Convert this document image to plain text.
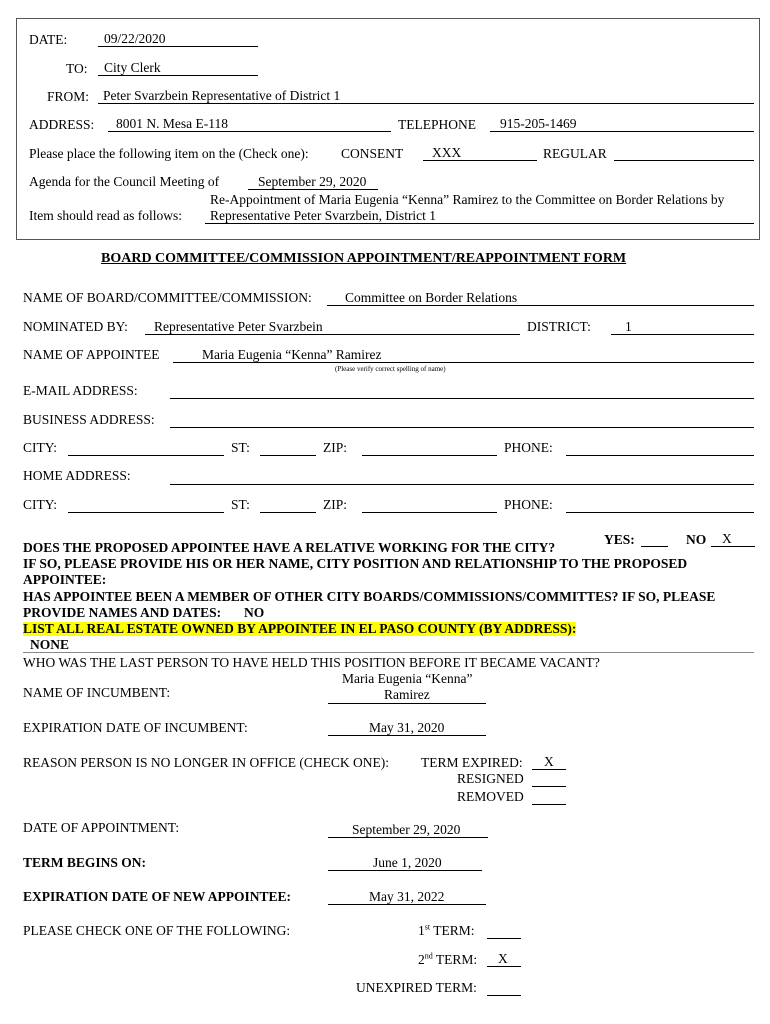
DATE:	09/22/2020
TO: City Clerk
FROM: Peter Svarzbein Representative of District 1
ADDRESS: 8001 N. Mesa E-118	TELEPHONE 915-205-1469
Please place the following item on the (Check one): CONSENT XXX	REGULAR
Agenda for the Council Meeting of	September 29, 2020
Re-Appointment of Maria Eugenia “Kenna” Ramirez to the Committee on Border Relations by
Item should read as follows: Representative Peter Svarzbein, District 1
BOARD COMMITTEE/COMMISSION APPOINTMENT/REAPPOINTMENT FORM
NAME OF BOARD/COMMITTEE/COMMISSION: Committee on Border Relations
NOMINATED BY: Representative Peter Svarzbein	DISTRICT:	1
NAME OF APPOINTEE	Maria Eugenia “Kenna” Ramirez
(Please verify correct spelling of name)
E-MAIL ADDRESS:
BUSINESS ADDRESS:
CITY:	ST:	ZIP:	PHONE:
HOME ADDRESS:
CITY:	ST:	ZIP:	PHONE:
YES:	NO X
DOES THE PROPOSED APPOINTEE HAVE A RELATIVE WORKING FOR THE CITY?
IF SO, PLEASE PROVIDE HIS OR HER NAME, CITY POSITION AND RELATIONSHIP TO THE PROPOSED
APPOINTEE:
HAS APPOINTEE BEEN A MEMBER OF OTHER CITY BOARDS/COMMISSIONS/COMMITTES? IF SO, PLEASE
PROVIDE NAMES AND DATES: NO
LIST ALL REAL ESTATE OWNED BY APPOINTEE IN EL PASO COUNTY (BY ADDRESS):
NONE
WHO WAS THE LAST PERSON TO HAVE HELD THIS POSITION BEFORE IT BECAME VACANT?
Maria Eugenia “Kenna”
NAME OF INCUMBENT:	Ramirez
EXPIRATION DATE OF INCUMBENT:	May 31, 2020
REASON PERSON IS NO LONGER IN OFFICE (CHECK ONE): TERM EXPIRED: X
RESIGNED
REMOVED
DATE OF APPOINTMENT:	September 29, 2020
TERM BEGINS ON:	June 1, 2020
EXPIRATION DATE OF NEW APPOINTEE:	May 31, 2022
PLEASE CHECK ONE OF THE FOLLOWING:	1st TERM:
2nd TERM: X
UNEXPIRED TERM:
